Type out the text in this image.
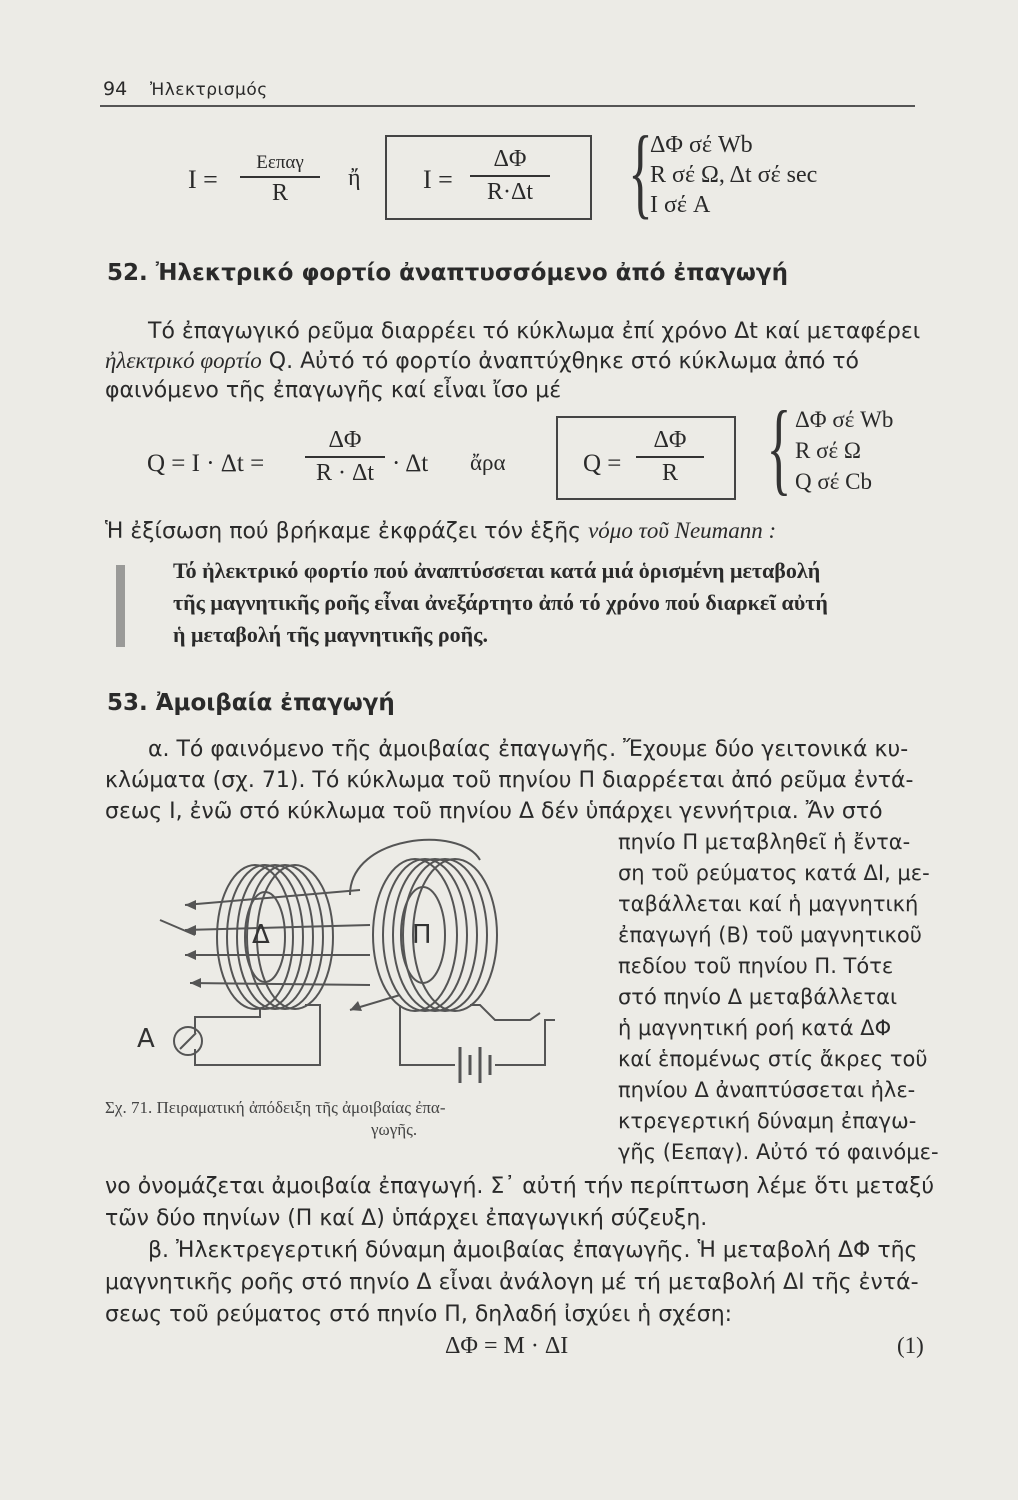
94 Ἠλεκτρισμός
I =
Eεπαγ
R
ἤ I =
ΔΦ
R·Δt {
ΔΦ σέ Wb
R σέ Ω, Δt σέ sec
I σέ A
52. Ἠλεκτρικό φορτίο ἀναπτυσσόμενο ἀπό ἐπαγωγή
Τό ἐπαγωγικό ρεῦμα διαρρέει τό κύκλωμα ἐπί χρόνο Δt καί μεταφέρει
ἠλεκτρικό φορτίο Q. Αὐτό τό φορτίο ἀναπτύχθηκε στό κύκλωμα ἀπό τό
φαινόμενο τῆς ἐπαγωγῆς καί εἶναι ἴσο μέ
Q = I · Δt =
ΔΦ
R · Δt · Δt ἄρα	Q =
ΔΦ
R { ΔΦ σέ Wb
R σέ Ω
Q σέ Cb
Ἡ ἐξίσωση πού βρήκαμε ἐκφράζει τόν ἑξῆς νόμο τοῦ Neumann :
Τό ἠλεκτρικό φορτίο πού ἀναπτύσσεται κατά μιά ὁρισμένη μεταβολή
τῆς μαγνητικῆς ροῆς εἶναι ἀνεξάρτητο ἀπό τό χρόνο πού διαρκεῖ αὐτή
ἡ μεταβολή τῆς μαγνητικῆς ροῆς.
53. Ἀμοιβαία ἐπαγωγή
α. Τό φαινόμενο τῆς ἀμοιβαίας ἐπαγωγῆς. Ἔχουμε δύο γειτονικά κυ-
κλώματα (σχ. 71). Τό κύκλωμα τοῦ πηνίου Π διαρρέεται ἀπό ρεῦμα ἐντά-
σεως I, ἐνῶ στό κύκλωμα τοῦ πηνίου Δ δέν ὑπάρχει γεννήτρια. Ἄν στό
πηνίο Π μεταβληθεῖ ἡ ἔντα-
ση τοῦ ρεύματος κατά ΔΙ, με-
ταβάλλεται καί ἡ μαγνητική
ἐπαγωγή (Β) τοῦ μαγνητικοῦ
πεδίου τοῦ πηνίου Π. Τότε
στό πηνίο Δ μεταβάλλεται
ἡ μαγνητική ροή κατά ΔΦ
καί ἑπομένως στίς ἄκρες τοῦ
πηνίου Δ ἀναπτύσσεται ἠλε-
κτρεγερτική δύναμη ἐπαγω-
γῆς (Εεπαγ). Αὐτό τό φαινόμε-
Δ	Π
A
Σχ. 71. Πειραματική ἀπόδειξη τῆς ἀμοιβαίας ἐπα-
γωγῆς.
νο ὀνομάζεται ἀμοιβαία ἐπαγωγή. Σ᾽ αὐτή τήν περίπτωση λέμε ὅτι μεταξύ
τῶν δύο πηνίων (Π καί Δ) ὑπάρχει ἐπαγωγική σύζευξη.
β. Ἠλεκτρεγερτική δύναμη ἀμοιβαίας ἐπαγωγῆς. Ἡ μεταβολή ΔΦ τῆς
μαγνητικῆς ροῆς στό πηνίο Δ εἶναι ἀνάλογη μέ τή μεταβολή ΔΙ τῆς ἐντά-
σεως τοῦ ρεύματος στό πηνίο Π, δηλαδή ἰσχύει ἡ σχέση:
ΔΦ = M · ΔΙ	(1)
